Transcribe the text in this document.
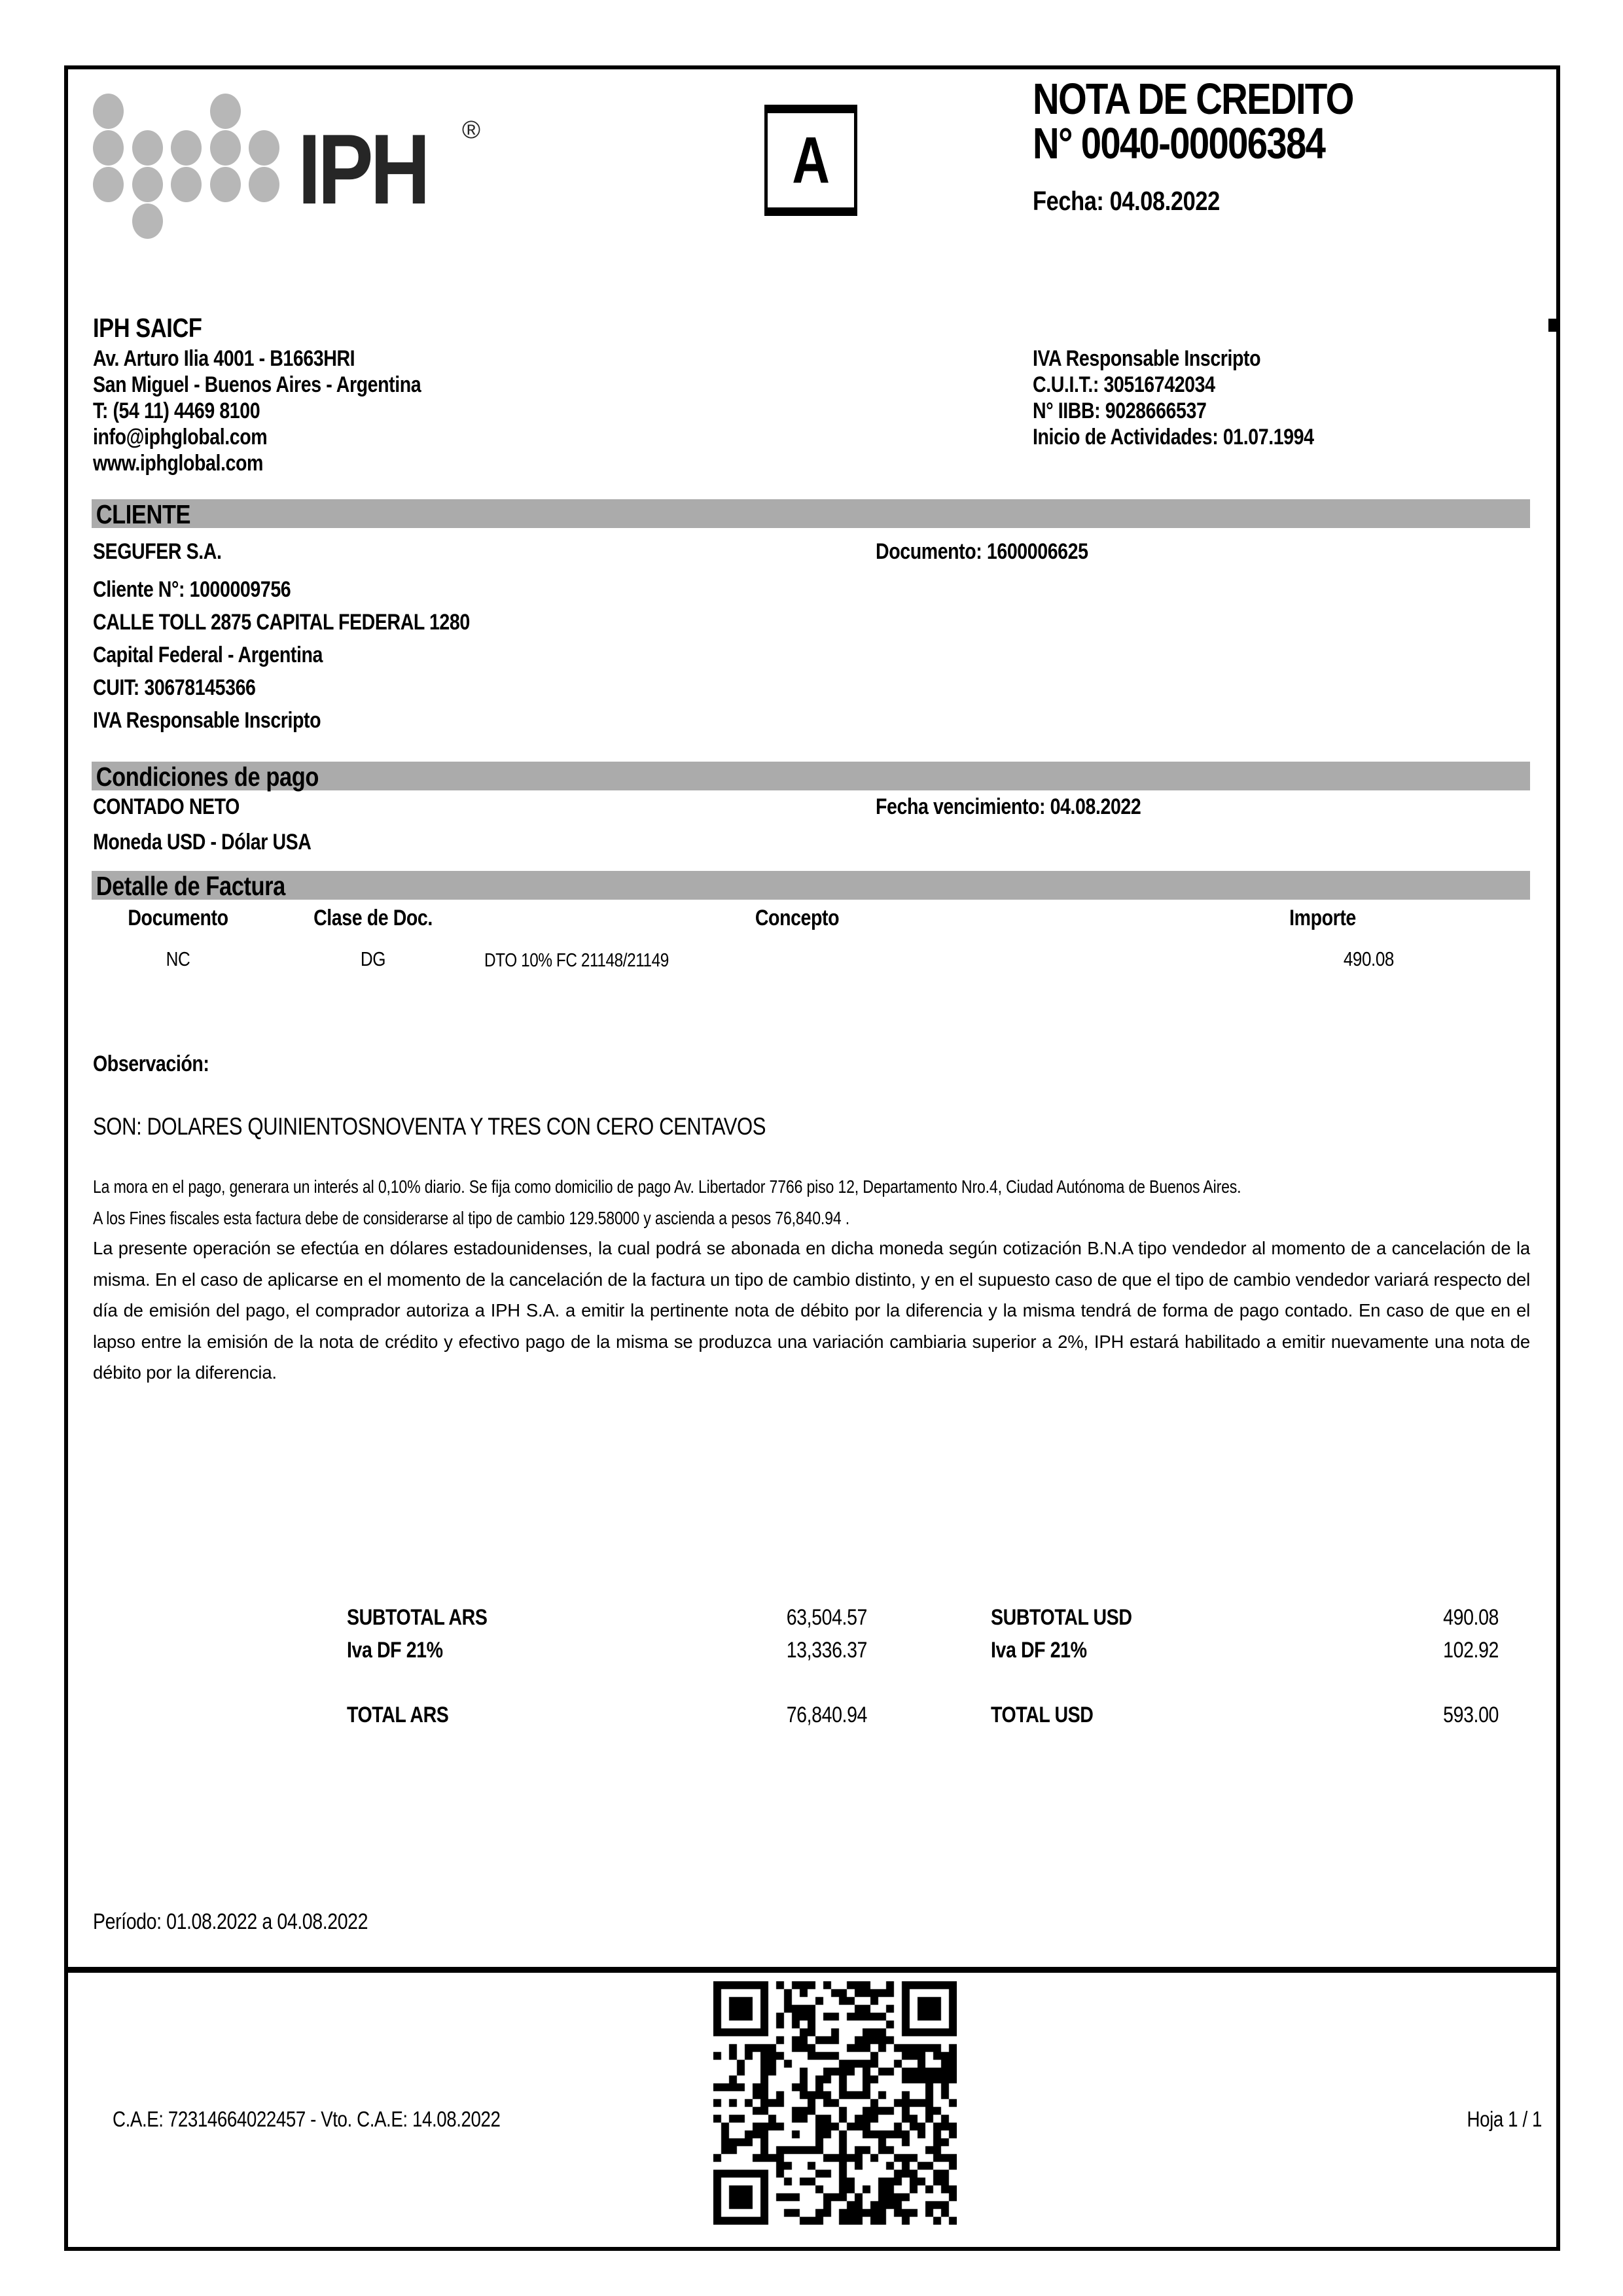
IPH ®	A
NOTA DE CREDITO
N° 0040-00006384
Fecha: 04.08.2022
IPH SAICF
Av. Arturo Ilia 4001 - B1663HRI
San Miguel - Buenos Aires - Argentina
T: (54 11) 4469 8100
info@iphglobal.com
www.iphglobal.com
IVA Responsable Inscripto
C.U.I.T.: 30516742034
N° IIBB: 9028666537
Inicio de Actividades: 01.07.1994
CLIENTE
SEGUFER S.A.	Documento: 1600006625
Cliente N°: 1000009756
CALLE TOLL 2875 CAPITAL FEDERAL 1280
Capital Federal - Argentina
CUIT: 30678145366
IVA Responsable Inscripto
Condiciones de pago
CONTADO NETO	Fecha vencimiento: 04.08.2022
Moneda USD - Dólar USA
Detalle de Factura
Documento	Clase de Doc.	Concepto	Importe
NC	DG	DTO 10% FC 21148/21149	490.08
Observación:
SON: DOLARES QUINIENTOSNOVENTA Y TRES CON CERO CENTAVOS
La mora en el pago, generara un interés al 0,10% diario. Se fija como domicilio de pago Av. Libertador 7766 piso 12, Departamento Nro.4, Ciudad Autónoma de Buenos Aires.
A los Fines fiscales esta factura debe de considerarse al tipo de cambio 129.58000 y ascienda a pesos 76,840.94 .
La presente operación se efectúa en dólares estadounidenses, la cual podrá se abonada en dicha moneda según cotización B.N.A tipo vendedor al momento de a cancelación de la misma. En el caso de aplicarse en el momento de la cancelación de la factura un tipo de cambio distinto, y en el supuesto caso de que el tipo de cambio vendedor variará respecto del día de emisión del pago, el comprador autoriza a IPH S.A. a emitir la pertinente nota de débito por la diferencia y la misma tendrá de forma de pago contado. En caso de que en el lapso entre la emisión de la nota de crédito y efectivo pago de la misma se produzca una variación cambiaria superior a 2%, IPH estará habilitado a emitir nuevamente una nota de débito por la diferencia.
SUBTOTAL ARS	63,504.57	SUBTOTAL USD	490.08
Iva DF 21%	13,336.37	Iva DF 21%	102.92
TOTAL ARS	76,840.94	TOTAL USD	593.00
Período: 01.08.2022 a 04.08.2022
C.A.E: 72314664022457 - Vto. C.A.E: 14.08.2022	Hoja 1 / 1
